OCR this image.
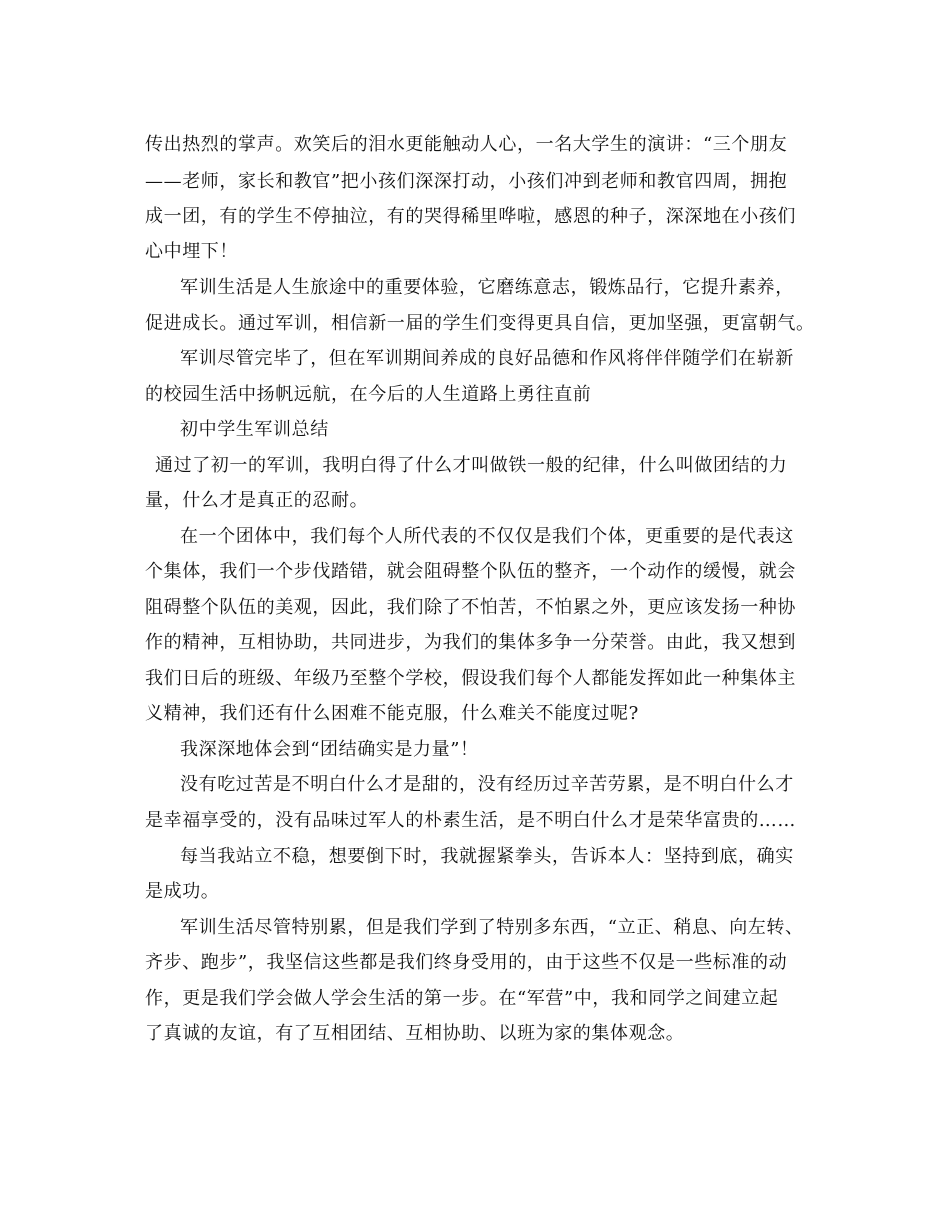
传出热烈的掌声。欢笑后的泪水更能触动人心，一名大学生的演讲：“三个朋友
——老师，家长和教官”把小孩们深深打动，小孩们冲到老师和教官四周，拥抱
成一团，有的学生不停抽泣，有的哭得稀里哗啦，感恩的种子，深深地在小孩们
心中埋下！
军训生活是人生旅途中的重要体验，它磨练意志，锻炼品行，它提升素养，
促进成长。通过军训，相信新一届的学生们变得更具自信，更加坚强，更富朝气。
军训尽管完毕了，但在军训期间养成的良好品德和作风将伴伴随学们在崭新
的校园生活中扬帆远航，在今后的人生道路上勇往直前
初中学生军训总结
通过了初一的军训，我明白得了什么才叫做铁一般的纪律，什么叫做团结的力
量，什么才是真正的忍耐。
在一个团体中，我们每个人所代表的不仅仅是我们个体，更重要的是代表这
个集体，我们一个步伐踏错，就会阻碍整个队伍的整齐，一个动作的缓慢，就会
阻碍整个队伍的美观，因此，我们除了不怕苦，不怕累之外，更应该发扬一种协
作的精神，互相协助，共同进步，为我们的集体多争一分荣誉。由此，我又想到
我们日后的班级、年级乃至整个学校，假设我们每个人都能发挥如此一种集体主
义精神，我们还有什么困难不能克服，什么难关不能度过呢?
我深深地体会到“团结确实是力量”！
没有吃过苦是不明白什么才是甜的，没有经历过辛苦劳累，是不明白什么才
是幸福享受的，没有品味过军人的朴素生活，是不明白什么才是荣华富贵的……
每当我站立不稳，想要倒下时，我就握紧拳头，告诉本人：坚持到底，确实
是成功。
军训生活尽管特别累，但是我们学到了特别多东西，“立正、稍息、向左转、
齐步、跑步”，我坚信这些都是我们终身受用的，由于这些不仅是一些标准的动
作，更是我们学会做人学会生活的第一步。在“军营”中，我和同学之间建立起
了真诚的友谊，有了互相团结、互相协助、以班为家的集体观念。
